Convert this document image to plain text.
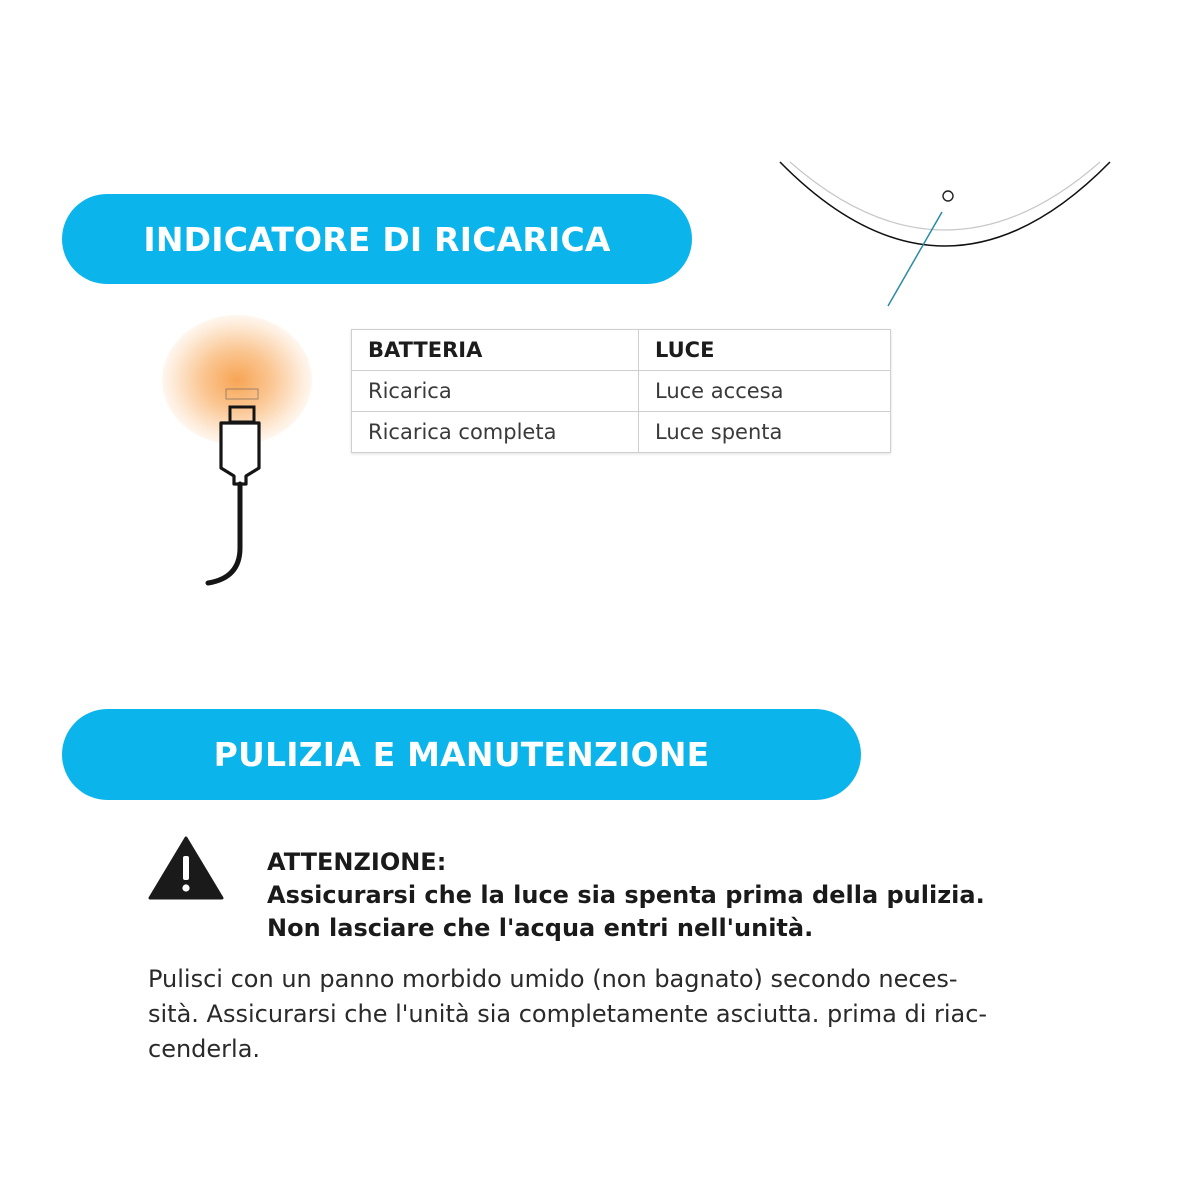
INDICATORE DI RICARICA
BATTERIA	LUCE
Ricarica	Luce accesa
Ricarica completa	Luce spenta
PULIZIA E MANUTENZIONE
ATTENZIONE:
Assicurarsi che la luce sia spenta prima della pulizia.
Non lasciare che l'acqua entri nell'unità.
Pulisci con un panno morbido umido (non bagnato) secondo neces-
sità. Assicurarsi che l'unità sia completamente asciutta. prima di riac-
cenderla.
